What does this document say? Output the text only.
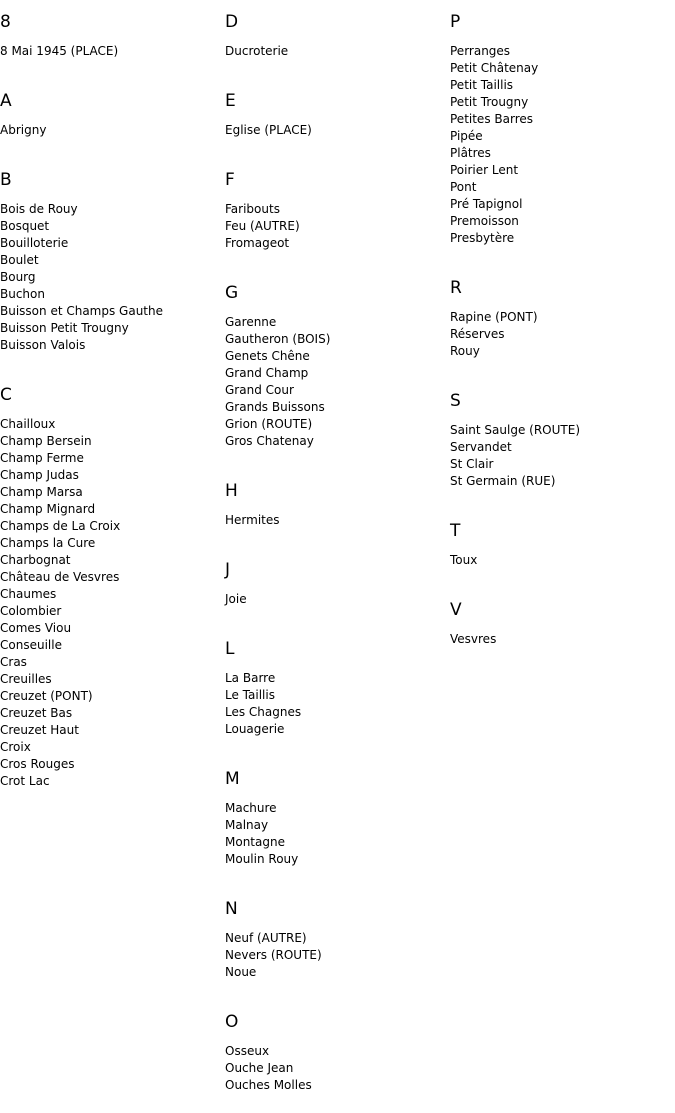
8
8 Mai 1945 (PLACE)
A
Abrigny
B
Bois de Rouy
Bosquet
Bouilloterie
Boulet
Bourg
Buchon
Buisson et Champs Gauthe
Buisson Petit Trougny
Buisson Valois
C
Chailloux
Champ Bersein
Champ Ferme
Champ Judas
Champ Marsa
Champ Mignard
Champs de La Croix
Champs la Cure
Charbognat
Château de Vesvres
Chaumes
Colombier
Comes Viou
Conseuille
Cras
Creuilles
Creuzet (PONT)
Creuzet Bas
Creuzet Haut
Croix
Cros Rouges
Crot Lac
D
Ducroterie
E
Eglise (PLACE)
F
Faribouts
Feu (AUTRE)
Fromageot
G
Garenne
Gautheron (BOIS)
Genets Chêne
Grand Champ
Grand Cour
Grands Buissons
Grion (ROUTE)
Gros Chatenay
H
Hermites
J
Joie
L
La Barre
Le Taillis
Les Chagnes
Louagerie
M
Machure
Malnay
Montagne
Moulin Rouy
N
Neuf (AUTRE)
Nevers (ROUTE)
Noue
O
Osseux
Ouche Jean
Ouches Molles
P
Perranges
Petit Châtenay
Petit Taillis
Petit Trougny
Petites Barres
Pipée
Plâtres
Poirier Lent
Pont
Pré Tapignol
Premoisson
Presbytère
R
Rapine (PONT)
Réserves
Rouy
S
Saint Saulge (ROUTE)
Servandet
St Clair
St Germain (RUE)
T
Toux
V
Vesvres
